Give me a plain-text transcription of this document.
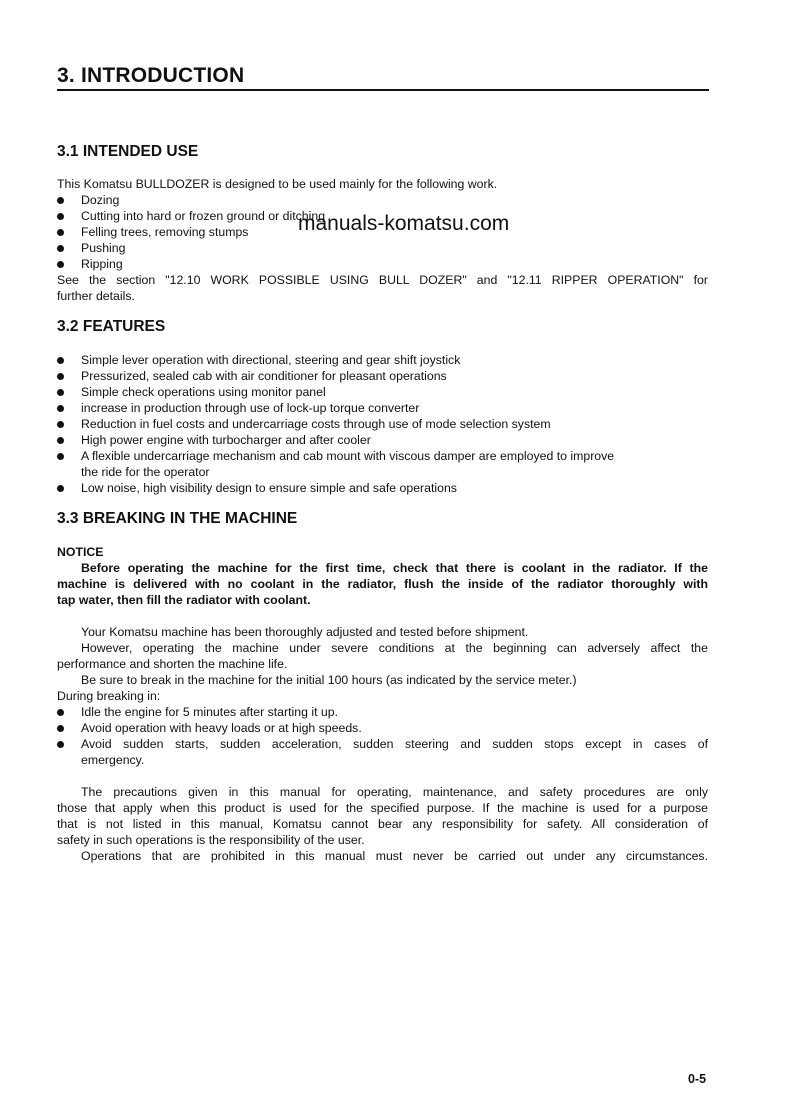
3. INTRODUCTION
3.1 INTENDED USE
This Komatsu BULLDOZER is designed to be used mainly for the following work.
Dozing
Cutting into hard or frozen ground or ditching
Felling trees, removing stumps
Pushing
Ripping
See the section "12.10 WORK POSSIBLE USING BULL DOZER" and "12.11 RIPPER OPERATION" for
further details.
manuals-komatsu.com
3.2 FEATURES
Simple lever operation with directional, steering and gear shift joystick
Pressurized, sealed cab with air conditioner for pleasant operations
Simple check operations using monitor panel
increase in production through use of lock-up torque converter
Reduction in fuel costs and undercarriage costs through use of mode selection system
High power engine with turbocharger and after cooler
A flexible undercarriage mechanism and cab mount with viscous damper are employed to improve
the ride for the operator
Low noise, high visibility design to ensure simple and safe operations
3.3 BREAKING IN THE MACHINE
NOTICE
Before operating the machine for the first time, check that there is coolant in the radiator. If the
machine is delivered with no coolant in the radiator, flush the inside of the radiator thoroughly with
tap water, then fill the radiator with coolant.
Your Komatsu machine has been thoroughly adjusted and tested before shipment.
However, operating the machine under severe conditions at the beginning can adversely affect the
performance and shorten the machine life.
Be sure to break in the machine for the initial 100 hours (as indicated by the service meter.)
During breaking in:
Idle the engine for 5 minutes after starting it up.
Avoid operation with heavy loads or at high speeds.
Avoid sudden starts, sudden acceleration, sudden steering and sudden stops except in cases of
emergency.
The precautions given in this manual for operating, maintenance, and safety procedures are only
those that apply when this product is used for the specified purpose. If the machine is used for a purpose
that is not listed in this manual, Komatsu cannot bear any responsibility for safety. All consideration of
safety in such operations is the responsibility of the user.
Operations that are prohibited in this manual must never be carried out under any circumstances.
0-5
